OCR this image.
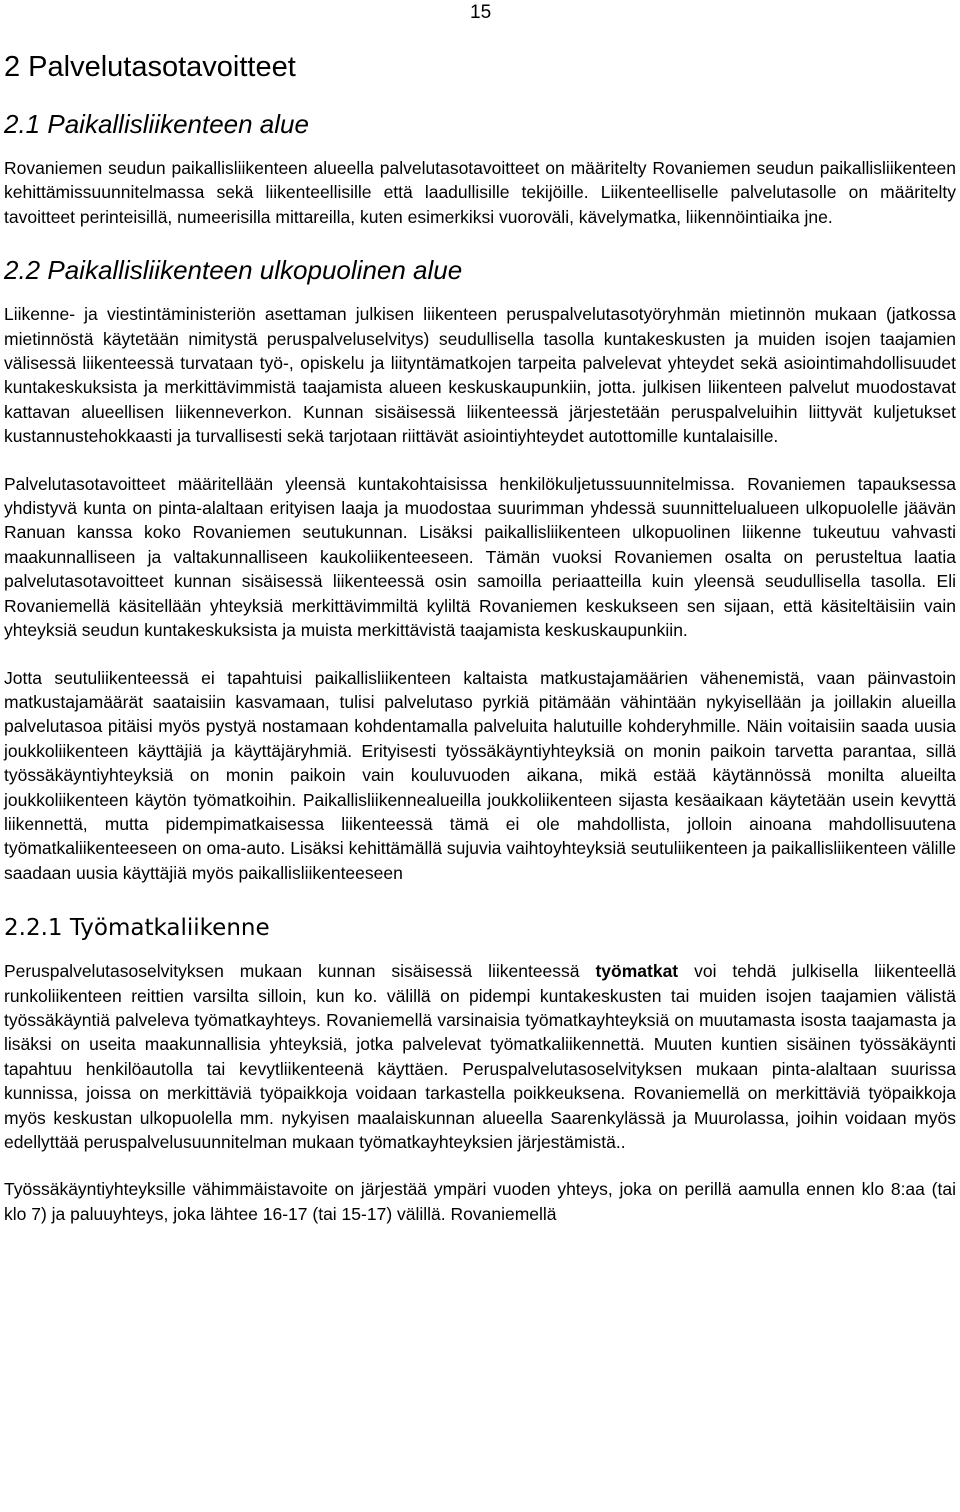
15
2 Palvelutasotavoitteet
2.1 Paikallisliikenteen alue

Rovaniemen seudun paikallisliikenteen alueella palvelutasotavoitteet on määritelty Rovaniemen seudun paikallisliikenteen kehittämissuunnitelmassa sekä liikenteellisille että laadullisille tekijöille. Liikenteelliselle palvelutasolle on määritelty tavoitteet perinteisillä, numeerisilla mittareilla, kuten esimerkiksi vuoroväli, kävelymatka, liikennöintiaika jne.

2.2 Paikallisliikenteen ulkopuolinen alue

Liikenne- ja viestintäministeriön asettaman julkisen liikenteen peruspalvelutasotyöryhmän mietinnön mukaan (jatkossa mietinnöstä käytetään nimitystä peruspalveluselvitys) seudullisella tasolla kuntakeskusten ja muiden isojen taajamien välisessä liikenteessä turvataan työ-, opiskelu ja liityntämatkojen tarpeita palvelevat yhteydet sekä asiointimahdollisuudet kuntakeskuksista ja merkittävimmistä taajamista alueen keskuskaupunkiin, jotta. julkisen liikenteen palvelut muodostavat kattavan alueellisen liikenneverkon. Kunnan sisäisessä liikenteessä järjestetään peruspalveluihin liittyvät kuljetukset kustannustehokkaasti ja turvallisesti sekä tarjotaan riittävät asiointiyhteydet autottomille kuntalaisille.

Palvelutasotavoitteet määritellään yleensä kuntakohtaisissa henkilökuljetussuunnitelmissa. Rovaniemen tapauksessa yhdistyvä kunta on pinta-alaltaan erityisen laaja ja muodostaa suurimman yhdessä suunnittelualueen ulkopuolelle jäävän Ranuan kanssa koko Rovaniemen seutukunnan. Lisäksi paikallisliikenteen ulkopuolinen liikenne tukeutuu vahvasti maakunnalliseen ja valtakunnalliseen kaukoliikenteeseen. Tämän vuoksi Rovaniemen osalta on perusteltua laatia palvelutasotavoitteet kunnan sisäisessä liikenteessä osin samoilla periaatteilla kuin yleensä seudullisella tasolla. Eli Rovaniemellä käsitellään yhteyksiä merkittävimmiltä kyliltä Rovaniemen keskukseen sen sijaan, että käsiteltäisiin vain yhteyksiä seudun kuntakeskuksista ja muista merkittävistä taajamista keskuskaupunkiin.

Jotta seutuliikenteessä ei tapahtuisi paikallisliikenteen kaltaista matkustajamäärien vähenemistä, vaan päinvastoin matkustajamäärät saataisiin kasvamaan, tulisi palvelutaso pyrkiä pitämään vähintään nykyisellään ja joillakin alueilla palvelutasoa pitäisi myös pystyä nostamaan kohdentamalla palveluita halutuille kohderyhmille. Näin voitaisiin saada uusia joukkoliikenteen käyttäjiä ja käyttäjäryhmiä. Erityisesti työssäkäyntiyhteyksiä on monin paikoin tarvetta parantaa, sillä työssäkäyntiyhteyksiä on monin paikoin vain kouluvuoden aikana, mikä estää käytännössä monilta alueilta joukkoliikenteen käytön työmatkoihin. Paikallisliikennealueilla joukkoliikenteen sijasta kesäaikaan käytetään usein kevyttä liikennettä, mutta pidempimatkaisessa liikenteessä tämä ei ole mahdollista, jolloin ainoana mahdollisuutena työmatkaliikenteeseen on oma-auto. Lisäksi kehittämällä sujuvia vaihtoyhteyksiä seutuliikenteen ja paikallisliikenteen välille saadaan uusia käyttäjiä myös paikallisliikenteeseen

2.2.1 Työmatkaliikenne

Peruspalvelutasoselvityksen mukaan kunnan sisäisessä liikenteessä työmatkat voi tehdä julkisella liikenteellä runkoliikenteen reittien varsilta silloin, kun ko. välillä on pidempi kuntakeskusten tai muiden isojen taajamien välistä työssäkäyntiä palveleva työmatkayhteys. Rovaniemellä varsinaisia työmatkayhteyksiä on muutamasta isosta taajamasta ja lisäksi on useita maakunnallisia yhteyksiä, jotka palvelevat työmatkaliikennettä. Muuten kuntien sisäinen työssäkäynti tapahtuu henkilöautolla tai kevytliikenteenä käyttäen. Peruspalvelutasoselvityksen mukaan pinta-alaltaan suurissa kunnissa, joissa on merkittäviä työpaikkoja voidaan tarkastella poikkeuksena. Rovaniemellä on merkittäviä työpaikkoja myös keskustan ulkopuolella mm. nykyisen maalaiskunnan alueella Saarenkylässä ja Muurolassa, joihin voidaan myös edellyttää peruspalvelusuunnitelman mukaan työmatkayhteyksien järjestämistä..

Työssäkäyntiyhteyksille vähimmäistavoite on järjestää ympäri vuoden yhteys, joka on perillä aamulla ennen klo 8:aa (tai klo 7) ja paluuyhteys, joka lähtee 16-17 (tai 15-17) välillä. Rovaniemellä
